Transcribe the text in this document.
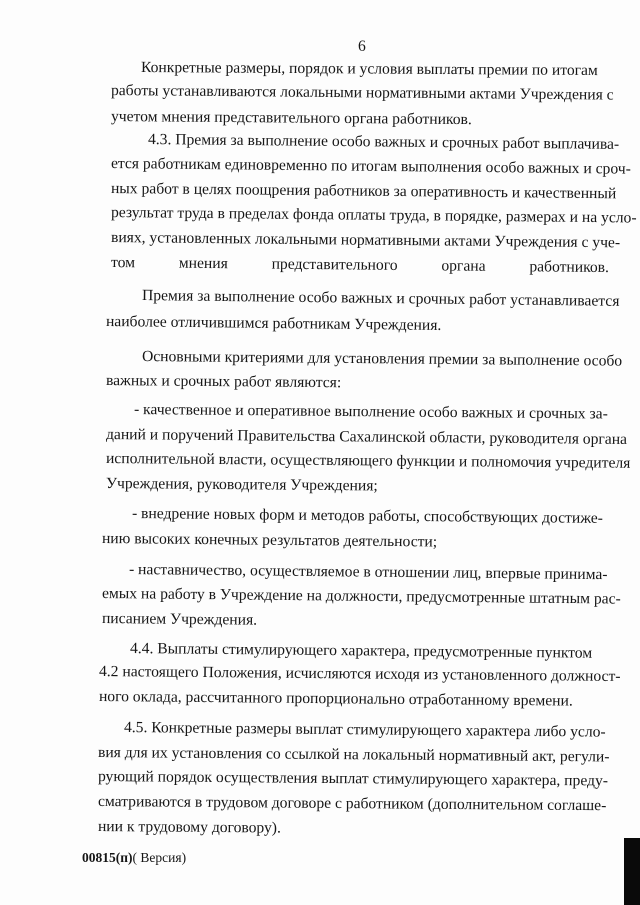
6
Конкретные размеры, порядок и условия выплаты премии по итогам
работы устанавливаются локальными нормативными актами Учреждения с
учетом мнения представительного органа работников.
4.3. Премия за выполнение особо важных и срочных работ выплачива-
ется работникам единовременно по итогам выполнения особо важных и сроч-
ных работ в целях поощрения работников за оперативность и качественный
результат труда в пределах фонда оплаты труда, в порядке, размерах и на усло-
виях, установленных локальными нормативными актами Учреждения с уче-
том мнения представительного органа работников.
Премия за выполнение особо важных и срочных работ устанавливается
наиболее отличившимся работникам Учреждения.
Основными критериями для установления премии за выполнение особо
важных и срочных работ являются:
- качественное и оперативное выполнение особо важных и срочных за-
даний и поручений Правительства Сахалинской области, руководителя органа
исполнительной власти, осуществляющего функции и полномочия учредителя
Учреждения, руководителя Учреждения;
- внедрение новых форм и методов работы, способствующих достиже-
нию высоких конечных результатов деятельности;
- наставничество, осуществляемое в отношении лиц, впервые принима-
емых на работу в Учреждение на должности, предусмотренные штатным рас-
писанием Учреждения.
4.4. Выплаты стимулирующего характера, предусмотренные пунктом
4.2 настоящего Положения, исчисляются исходя из установленного должност-
ного оклада, рассчитанного пропорционально отработанному времени.
4.5. Конкретные размеры выплат стимулирующего характера либо усло-
вия для их установления со ссылкой на локальный нормативный акт, регули-
рующий порядок осуществления выплат стимулирующего характера, преду-
сматриваются в трудовом договоре с работником (дополнительном соглаше-
нии к трудовому договору).
00815(п)( Версия)
